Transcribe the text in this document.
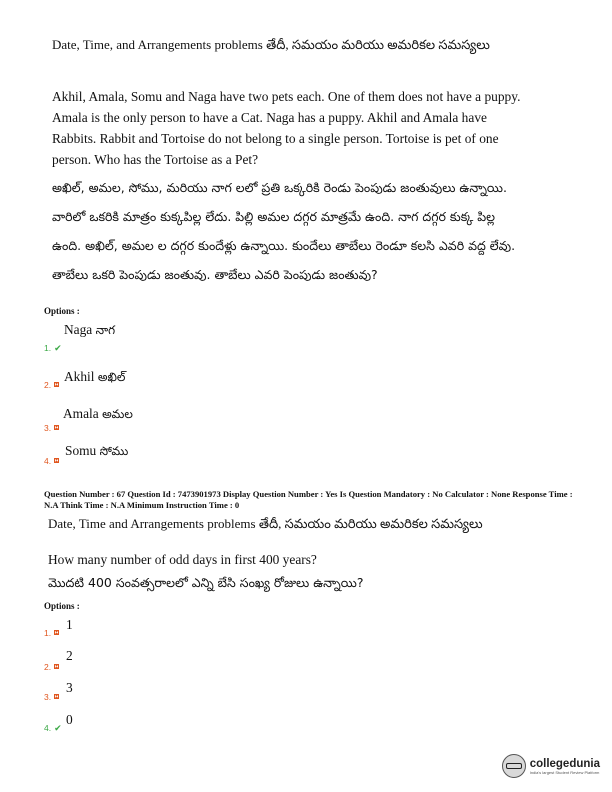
Date, Time, and Arrangements problems తేదీ, సమయం మరియు అమరికల సమస్యలు
Akhil, Amala, Somu and Naga have two pets each. One of them does not have a puppy. Amala is the only person to have a Cat. Naga has a puppy. Akhil and Amala have Rabbits. Rabbit and Tortoise do not belong to a single person. Tortoise is pet of one person. Who has the Tortoise as a Pet?
అఖిల్, అమల, సోము, మరియు నాగ లలో ప్రతి ఒక్కరికి రెండు పెంపుడు జంతువులు ఉన్నాయి. వారిలో ఒకరికి మాత్రం కుక్కపిల్ల లేదు. పిల్లి అమల దగ్గర మాత్రమే ఉంది. నాగ దగ్గర కుక్క పిల్ల ఉంది. అఖిల్, అమల ల దగ్గర కుందేళ్లు ఉన్నాయి. కుందేలు తాబేలు రెండూ కలసి ఎవరి వద్ద లేవు. తాబేలు ఒకరి పెంపుడు జంతువు. తాబేలు ఎవరి పెంపుడు జంతువు?
Options :
Naga నాగ
1. ✔
Akhil అఖిల్
2.
Amala అమల
3.
Somu సోము
4.
Question Number : 67 Question Id : 7473901973 Display Question Number : Yes Is Question Mandatory : No Calculator : None Response Time : N.A Think Time : N.A Minimum Instruction Time : 0
Date, Time and Arrangements problems తేదీ, సమయం మరియు అమరికల సమస్యలు
How many number of odd days in first 400 years?
మొదటి 400 సంవత్సరాలలో ఎన్ని బేసి సంఖ్య రోజులు ఉన్నాయి?
Options :
1
1.
2
2.
3
3.
0
4. ✔
collegedunia
India's largest Student Review Platform
